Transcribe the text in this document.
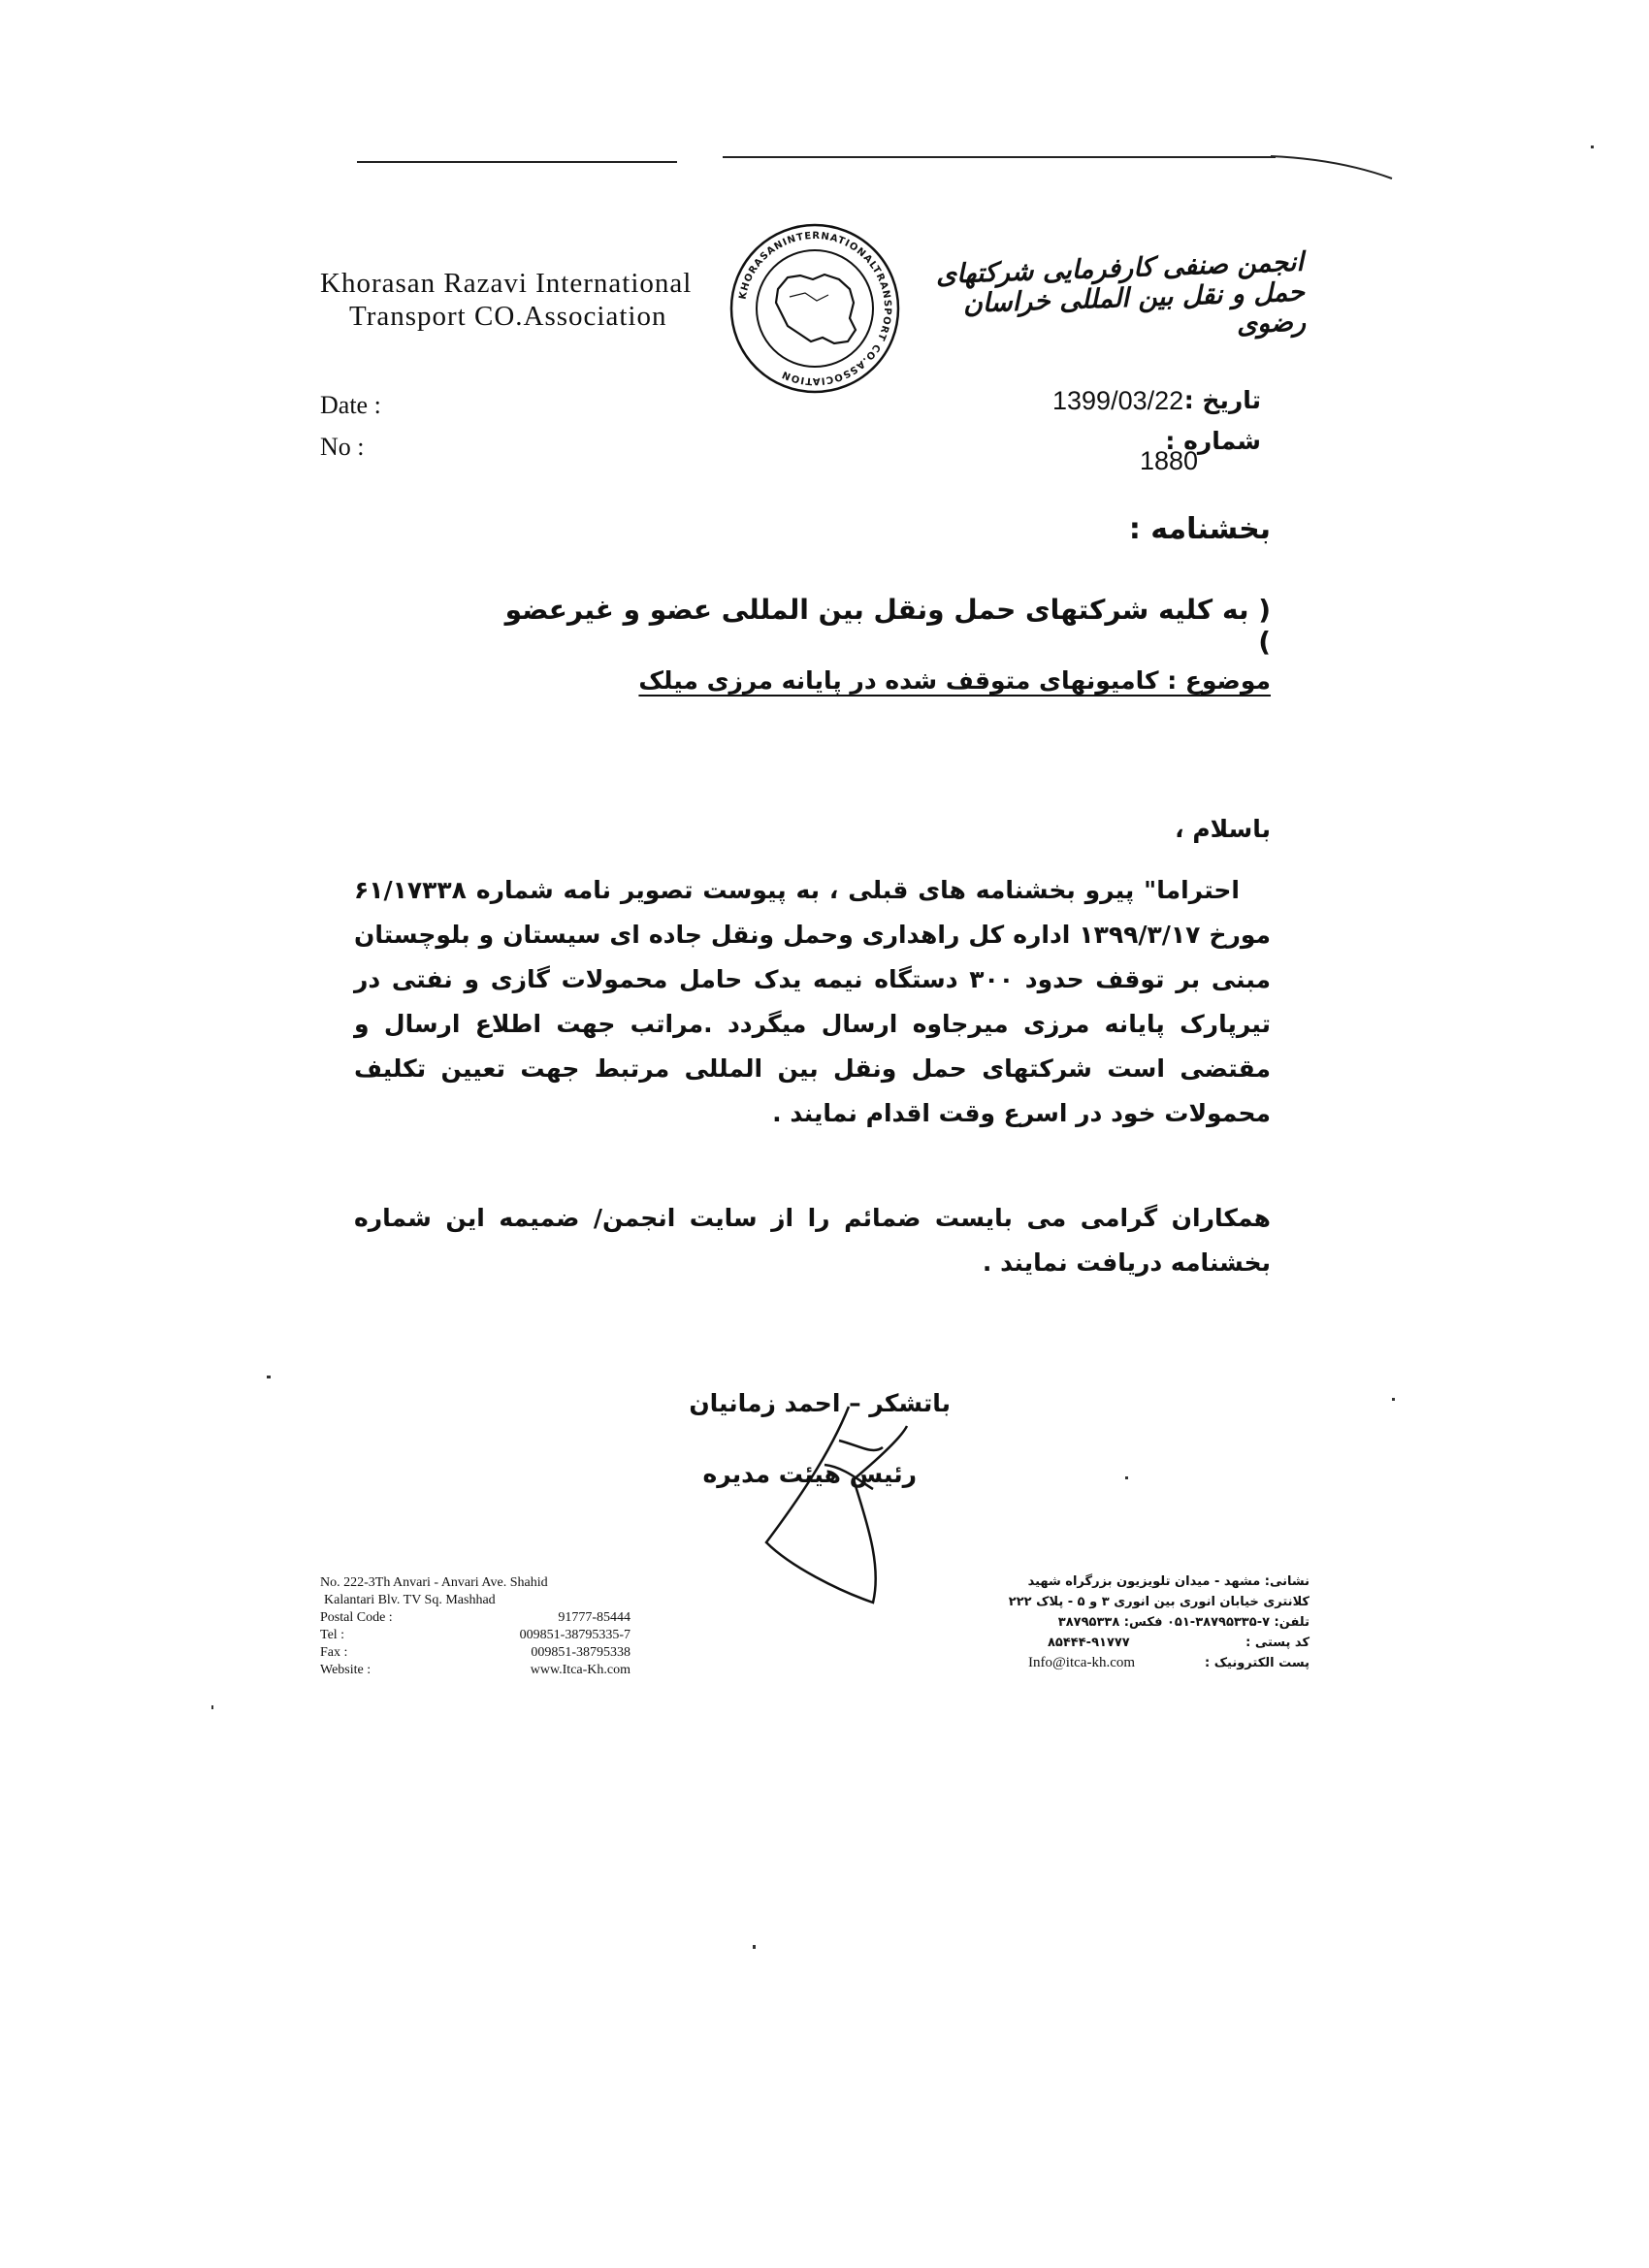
Khorasan Razavi International
Transport CO.Association
KHORASANINTERNATIONALTRANSPORT CO.ASSOCIATION
انجمن صنفی کارفرمایی شرکتهای حمل و نقل بین المللی خراسان رضوی
Date :
No :
1399/03/22 تاریخ :
شماره :
1880
بخشنامه :
( به کلیه شرکتهای حمل ونقل بین المللی عضو و غیرعضو )
موضوع : کامیونهای متوقف شده در پایانه مرزی میلک
باسلام ،
احتراما" پیرو بخشنامه های قبلی ، به پیوست تصویر نامه شماره ۶۱/۱۷۳۳۸ مورخ ۱۳۹۹/۳/۱۷ اداره کل راهداری وحمل ونقل جاده ای سیستان و بلوچستان مبنی بر توقف حدود ۳۰۰ دستگاه نیمه یدک حامل محمولات گازی و نفتی در تیرپارک پایانه مرزی میرجاوه ارسال میگردد .مراتب جهت اطلاع ارسال و مقتضی است شرکتهای حمل ونقل بین المللی مرتبط جهت تعیین تکلیف محمولات خود در اسرع وقت اقدام نمایند .
همکاران گرامی می بایست ضمائم را از سایت انجمن/ ضمیمه این شماره بخشنامه دریافت نمایند .
باتشکر – احمد زمانیان
رئیس هیئت مدیره
No. 222-3Th Anvari - Anvari Ave. Shahid
Kalantari Blv. TV Sq. Mashhad
Postal Code :	91777-85444
Tel :	009851-38795335-7
Fax :	009851-38795338
Website :	www.Itca-Kh.com
نشانی: مشهد - میدان تلویزیون بزرگراه شهید
کلانتری خیابان انوری بین انوری ۳ و ۵ - پلاک ۲۲۲
تلفن: ۷-۳۸۷۹۵۳۳۵-۰۵۱ فکس: ۳۸۷۹۵۳۳۸
کد پستی :
۸۵۴۴۴-۹۱۷۷۷
پست الکترونیک :
Info@itca-kh.com
